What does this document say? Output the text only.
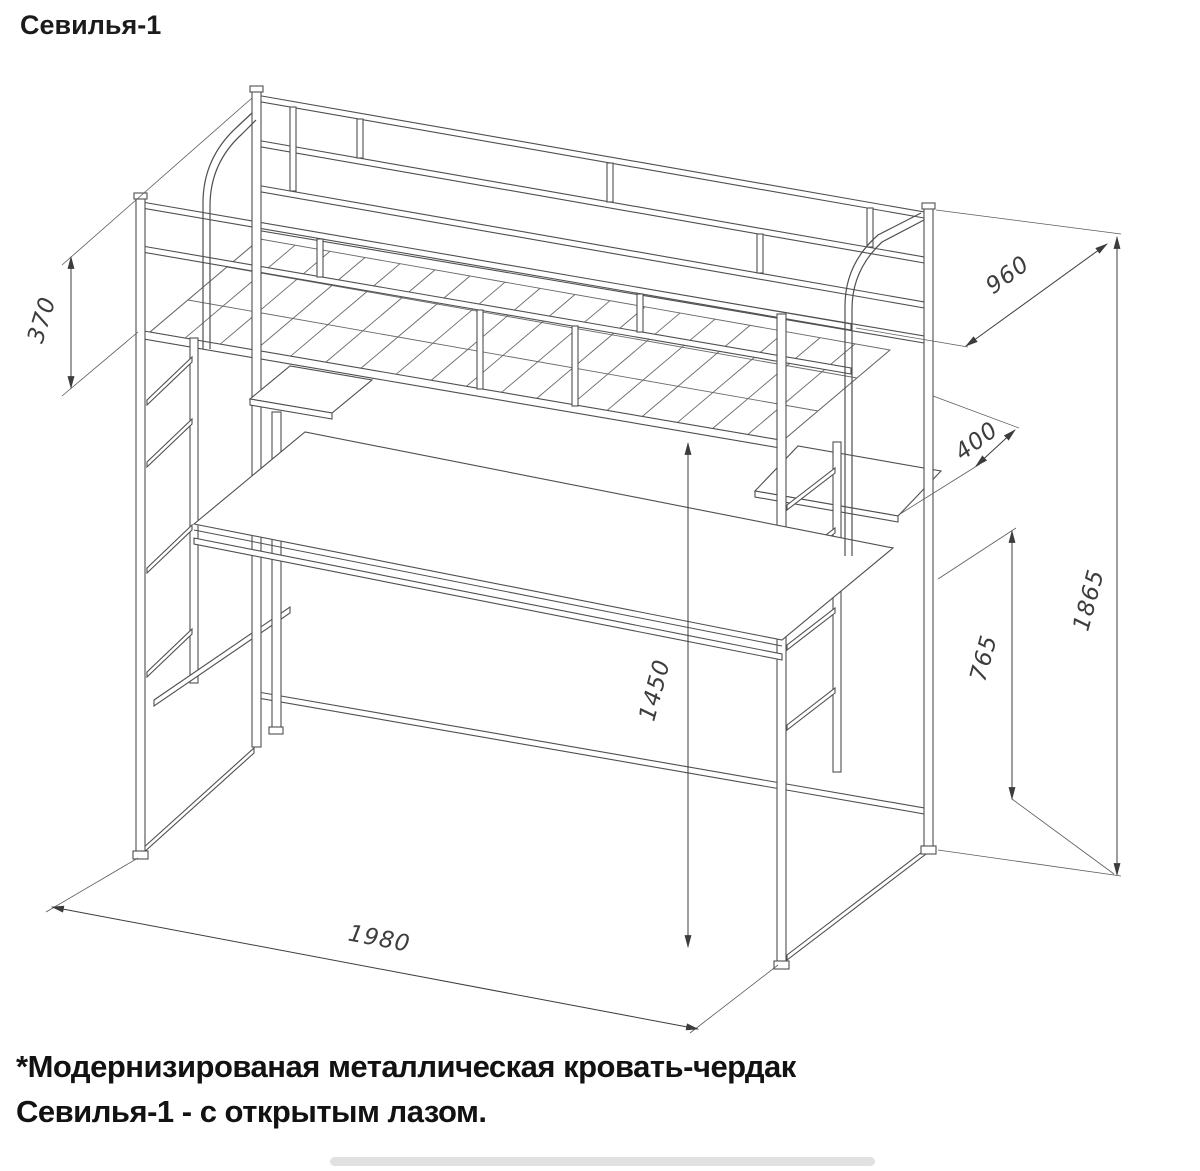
370
960
400
1865
765
1450
1980
Севилья-1
*Модернизированая металлическая кровать-чердак
Севилья-1 - с открытым лазом.
